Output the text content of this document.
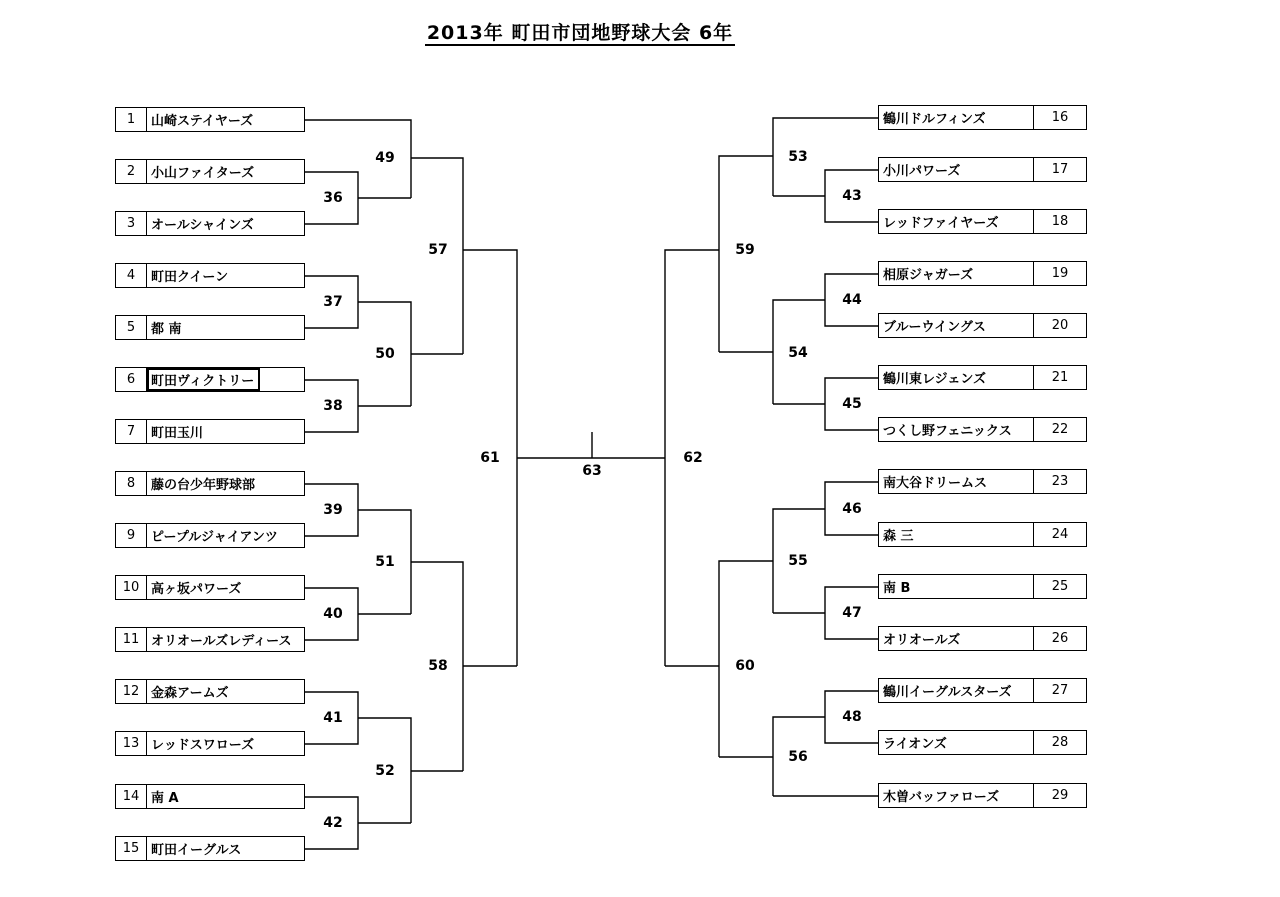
2013年 町田市団地野球大会 6年
1	山崎ステイヤーズ
2	小山ファイターズ
3	オールシャインズ
4	町田クイーン
5	都 南
6	町田ヴィクトリー
7	町田玉川
8	藤の台少年野球部
9	ピープルジャイアンツ
10 高ヶ坂パワーズ
11 オリオールズレディース
12 金森アームズ
13 レッドスワローズ
14 南 A
15 町田イーグルス
鶴川ドルフィンズ	16
小川パワーズ	17
レッドファイヤーズ	18
相原ジャガーズ	19
ブルーウイングス	20
鶴川東レジェンズ	21
つくし野フェニックス	22
南大谷ドリームス	23
森 三	24
南 B	25
オリオールズ	26
鶴川イーグルスターズ	27
ライオンズ	28
木曽バッファローズ	29
36
37
38
39
40
41
42
43
44
45
46
47
48
49
50
51
52
53
54
55
56
57
58
59
60
61	62
63
